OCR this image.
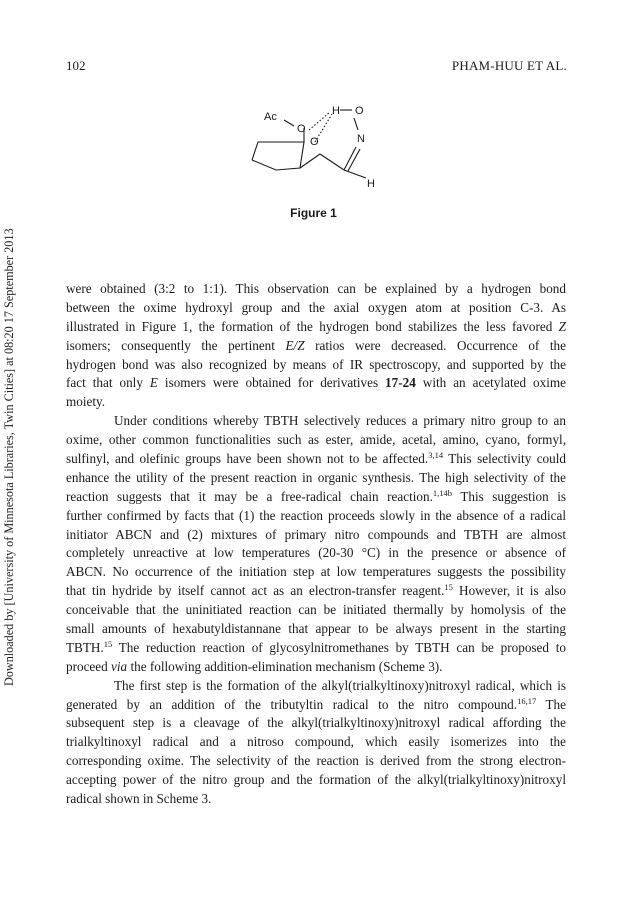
102	PHAM-HUU ET AL.
Downloaded by [University of Minnesota Libraries, Twin Cities] at 08:20 17 September 2013
Ac
O
H O
N
O
H
Figure 1
were obtained (3:2 to 1:1). This observation can be explained by a hydrogen bond
between the oxime hydroxyl group and the axial oxygen atom at position C-3. As
illustrated in Figure 1, the formation of the hydrogen bond stabilizes the less favored Z
isomers; consequently the pertinent E/Z ratios were decreased. Occurrence of the
hydrogen bond was also recognized by means of IR spectroscopy, and supported by the
fact that only E isomers were obtained for derivatives 17-24 with an acetylated oxime
moiety.
Under conditions whereby TBTH selectively reduces a primary nitro group to an
oxime, other common functionalities such as ester, amide, acetal, amino, cyano, formyl,
sulfinyl, and olefinic groups have been shown not to be affected.$^{3,14}$ This selectivity could
enhance the utility of the present reaction in organic synthesis. The high selectivity of the
reaction suggests that it may be a free-radical chain reaction.$^{1,14b}$ This suggestion is
further confirmed by facts that (1) the reaction proceeds slowly in the absence of a radical
initiator ABCN and (2) mixtures of primary nitro compounds and TBTH are almost
completely unreactive at low temperatures (20-30 °C) in the presence or absence of
ABCN. No occurrence of the initiation step at low temperatures suggests the possibility
that tin hydride by itself cannot act as an electron-transfer reagent.$^{15}$ However, it is also
conceivable that the uninitiated reaction can be initiated thermally by homolysis of the
small amounts of hexabutyldistannane that appear to be always present in the starting
TBTH.$^{15}$ The reduction reaction of glycosylnitromethanes by TBTH can be proposed to
proceed via the following addition-elimination mechanism (Scheme 3).
The first step is the formation of the alkyl(trialkyltinoxy)nitroxyl radical, which is
generated by an addition of the tributyltin radical to the nitro compound.$^{16,17}$ The
subsequent step is a cleavage of the alkyl(trialkyltinoxy)nitroxyl radical affording the
trialkyltinoxyl radical and a nitroso compound, which easily isomerizes into the
corresponding oxime. The selectivity of the reaction is derived from the strong electron-
accepting power of the nitro group and the formation of the alkyl(trialkyltinoxy)nitroxyl
radical shown in Scheme 3.
